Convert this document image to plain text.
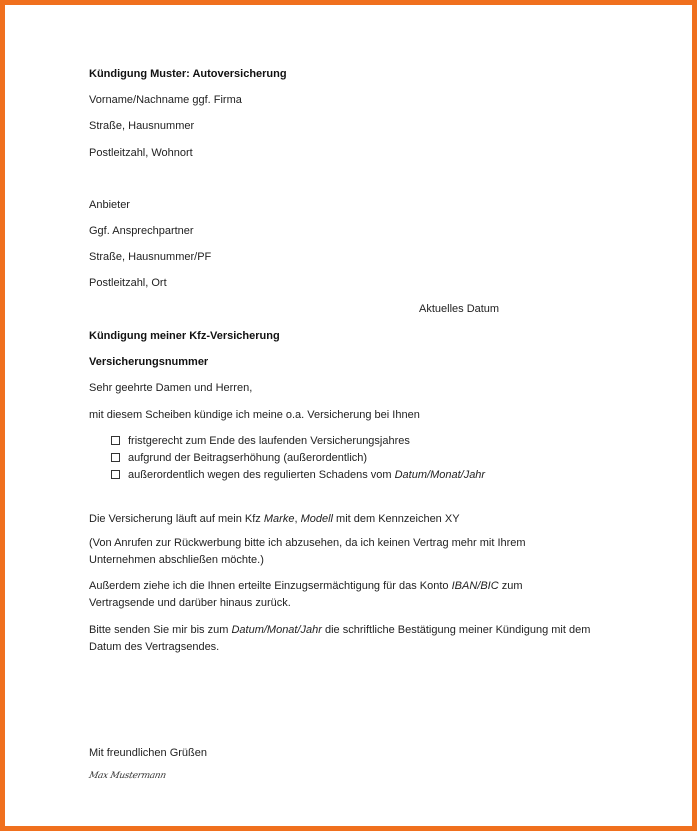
Kündigung Muster: Autoversicherung
Vorname/Nachname ggf. Firma
Straße, Hausnummer
Postleitzahl, Wohnort
Anbieter
Ggf. Ansprechpartner
Straße, Hausnummer/PF
Postleitzahl, Ort
Aktuelles Datum
Kündigung meiner Kfz-Versicherung
Versicherungsnummer
Sehr geehrte Damen und Herren,
mit diesem Scheiben kündige ich meine o.a. Versicherung bei Ihnen
fristgerecht zum Ende des laufenden Versicherungsjahres
aufgrund der Beitragserhöhung (außerordentlich)
außerordentlich wegen des regulierten Schadens vom Datum/Monat/Jahr
Die Versicherung läuft auf mein Kfz Marke, Modell mit dem Kennzeichen XY
(Von Anrufen zur Rückwerbung bitte ich abzusehen, da ich keinen Vertrag mehr mit Ihrem Unternehmen abschließen möchte.)
Außerdem ziehe ich die Ihnen erteilte Einzugsermächtigung für das Konto IBAN/BIC zum Vertragsende und darüber hinaus zurück.
Bitte senden Sie mir bis zum Datum/Monat/Jahr die schriftliche Bestätigung meiner Kündigung mit dem Datum des Vertragsendes.
Mit freundlichen Grüßen
Max Mustermann
